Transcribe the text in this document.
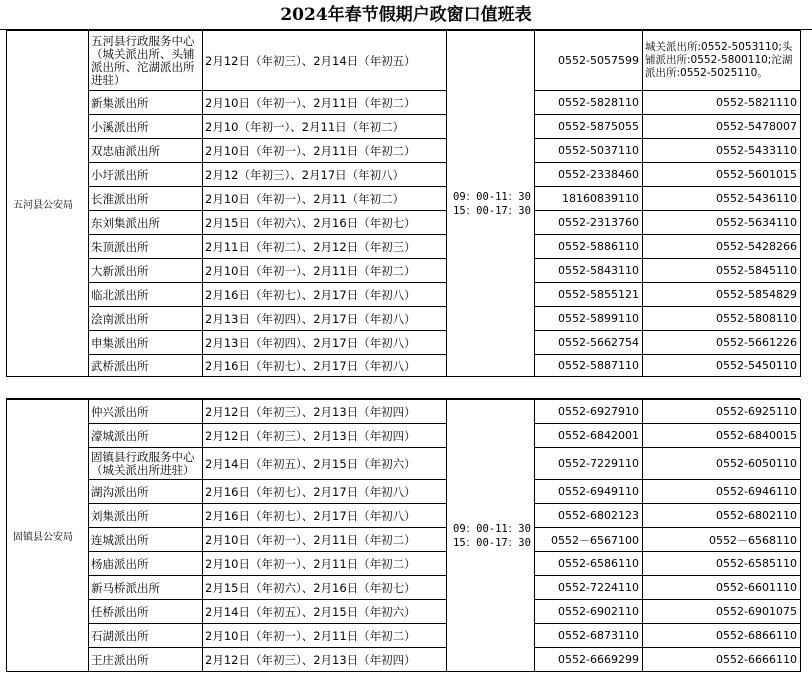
2024年春节假期户政窗口值班表
五河县公安局	五河县行政服务中心（城关派出所、头铺派出所、沱湖派出所进驻）	2月12日（年初三）、2月14日（年初五）	09：00-11：30
15：00-17：30	0552-5057599	城关派出所:0552-5053110;头铺派出所:0552-5800110;沱湖派出所:0552-5025110。
	新集派出所	2月10日（年初一）、2月11日（年初二）		0552-5828110	0552-5821110
	小溪派出所	2月10（年初一）、2月11日（年初二）		0552-5875055	0552-5478007
	双忠庙派出所	2月10日（年初一）、2月11日（年初二）		0552-5037110	0552-5433110
	小圩派出所	2月12（年初三）、2月17日（年初八）		0552-2338460	0552-5601015
	长淮派出所	2月10日（年初一）、2月11（年初二）		18160839110	0552-5436110
	东刘集派出所	2月15日（年初六）、2月16日（年初七）		0552-2313760	0552-5634110
	朱顶派出所	2月11日（年初二）、2月12日（年初三）		0552-5886110	0552-5428266
	大新派出所	2月10日（年初一）、2月11日（年初二）		0552-5843110	0552-5845110
	临北派出所	2月16日（年初七）、2月17日（年初八）		0552-5855121	0552-5854829
	浍南派出所	2月13日（年初四）、2月17日（年初八）		0552-5899110	0552-5808110
	申集派出所	2月13日（年初四）、2月17日（年初八）		0552-5662754	0552-5661226
	武桥派出所	2月16日（年初七）、2月17日（年初八）		0552-5887110	0552-5450110
固镇县公安局	仲兴派出所	2月12日（年初三）、2月13日（年初四）	09：00-11：30
15：00-17：30	0552-6927910	0552-6925110
	濠城派出所	2月12日（年初三）、2月13日（年初四）		0552-6842001	0552-6840015
	固镇县行政服务中心（城关派出所进驻）	2月14日（年初五）、2月15日（年初六）		0552-7229110	0552-6050110
	湖沟派出所	2月16日（年初七）、2月17日（年初八）		0552-6949110	0552-6946110
	刘集派出所	2月16日（年初七）、2月17日（年初八）		0552-6802123	0552-6802110
	连城派出所	2月10日（年初一）、2月11日（年初二）		0552－6567100	0552－6568110
	杨庙派出所	2月10日（年初一）、2月11日（年初二）		0552-6586110	0552-6585110
	新马桥派出所	2月15日（年初六）、2月16日（年初七）		0552-7224110	0552-6601110
	任桥派出所	2月14日（年初五）、2月15日（年初六）		0552-6902110	0552-6901075
	石湖派出所	2月10日（年初一）、2月11日（年初二）		0552-6873110	0552-6866110
	王庄派出所	2月12日（年初三）、2月13日（年初四）		0552-6669299	0552-6666110
